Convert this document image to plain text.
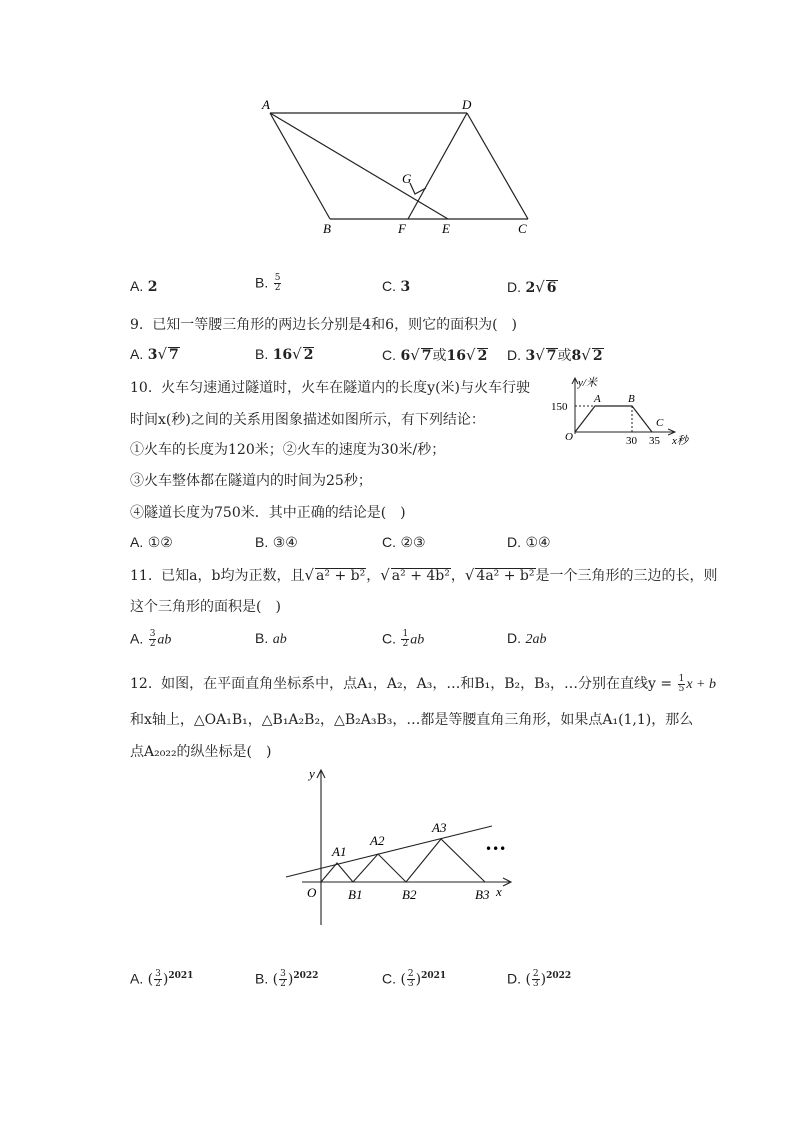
A	D
G
B	F	E	C
A. 2	B. $\frac{5}{2}$	C. 3	D. 2√ 6
9. 已知一等腰三角形的两边长分别是4和6，则它的面积为(　)
A. 3√ 7	B. 16√ 2	C. 6√ 7或16√ 2 D. 3√ 7或8√ 2
10. 火车匀速通过隧道时，火车在隧道内的长度y(米)与火车行驶
时间x(秒)之间的关系用图象描述如图所示，有下列结论：
①火车的长度为120米；②火车的速度为30米/秒；
③火车整体都在隧道内的时间为25秒；
④隧道长度为750米．其中正确的结论是(　)
y/米
150
O
A B
C
30 35 x秒
A. ①②	B. ③④	C. ②③	D. ①④
11. 已知a，b均为正数，且√ a² + b²，√ a² + 4b²，√ 4a² + b²是一个三角形的三边的长，则
这个三角形的面积是(　)
A. $\frac{3}{2}$ ab	B. ab	C. $\frac{1}{2}$ ab	D. 2ab
12. 如图，在平面直角坐标系中，点A₁，A₂，A₃，…和B₁，B₂，B₃，…分别在直线$y = \frac{1}{5}$ x + b
和x轴上，△OA₁B₁，△B₁A₂B₂，△B₂A₃B₃，…都是等腰直角三角形，如果点A₁(1,1)，那么
点A₂₀₂₂的纵坐标是(　)
y
x
O
A1
A2
A3
B1	B2	B3
•••
A. ( $\frac{3}{2} )^{2021}$	B. ( $\frac{3}{2} )^{2022}$	C. ( $\frac{2}{3} )^{2021}$	D. ( $\frac{2}{3} )^{2022}$
